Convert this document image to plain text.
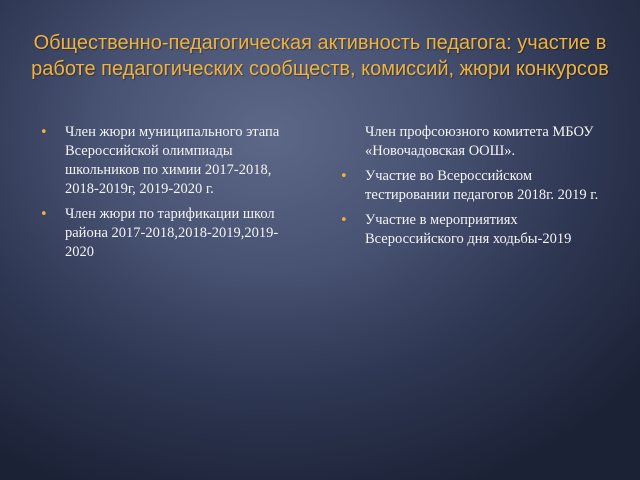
Общественно-педагогическая активность педагога: участие в работе педагогических сообществ, комиссий, жюри конкурсов
• Член жюри муниципального этапа Всероссийской олимпиады школьников по химии 2017-2018, 2018-2019г, 2019-2020 г.
• Член жюри по тарификации школ района 2017-2018,2018-2019,2019-2020
Член профсоюзного комитета МБОУ «Новочадовская ООШ».
• Участие во Всероссийском тестировании педагогов 2018г. 2019 г.
• Участие в мероприятиях Всероссийского дня ходьбы-2019
